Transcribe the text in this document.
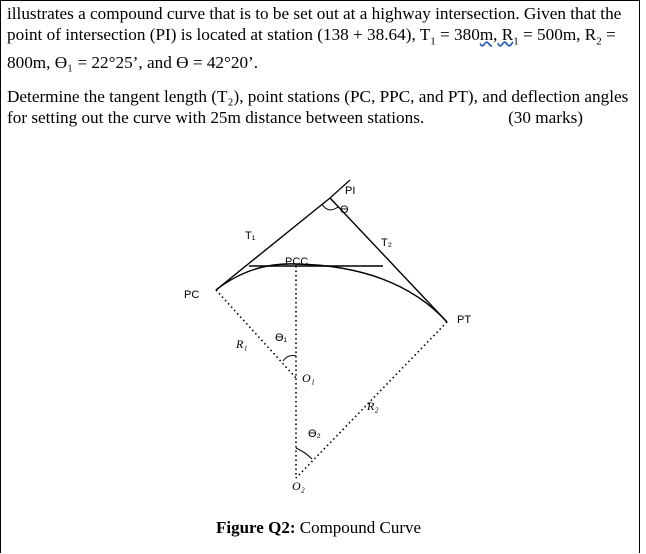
illustrates a compound curve that is to be set out at a highway intersection. Given that the
point of intersection (PI) is located at station (138 + 38.64), $T_1 = 380m$, $R_1 = 500m$, $R_2$ =
800m, ϴ₁ = 22°25’, and ϴ = 42°20’.
Determine the tangent length (T₂), point stations (PC, PPC, and PT), and deflection angles
for setting out the curve with 25m distance between stations.	(30 marks)
PI
ϴ
T₁
T₂
PCC
PC
PT
R₁ ϴ₁
O₁
R₂
ϴ₂
O₂
Figure Q2: Compound Curve
